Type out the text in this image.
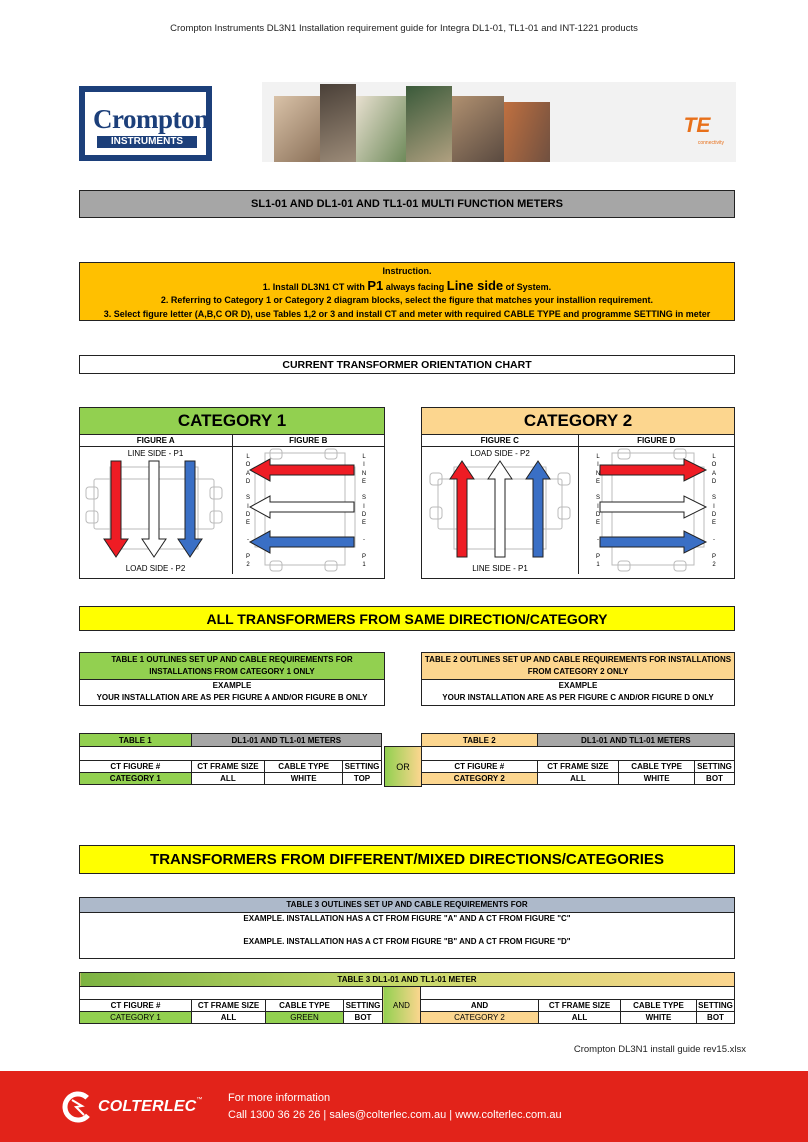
Crompton Instruments DL3N1 Installation requirement guide for Integra DL1-01, TL1-01 and INT-1221 products
Crompton
INSTRUMENTS
TE
connectivity
SL1-01 AND DL1-01 AND TL1-01 MULTI FUNCTION METERS
Instruction.
1. Install DL3N1 CT with P1 always facing Line side of System.
2. Referring to Category 1 or Category 2 diagram blocks, select the figure that matches your installion requirement.
3. Select figure letter (A,B,C OR D), use Tables 1,2 or 3 and install CT and meter with required CABLE TYPE and programme SETTING in meter
CURRENT TRANSFORMER ORIENTATION CHART
CATEGORY 1
FIGURE A	FIGURE B
LINE SIDE - P1
LOAD SIDE - P2
L
O
A
D
S
I
D
E
-
P
2
L
I
N
E
S
I
D
E
-
P
1
CATEGORY 2
FIGURE C	FIGURE D
LOAD SIDE - P2
LINE SIDE - P1
L
I
N
E
S
I
D
E
-
P
1
L
O
A
D
S
I
D
E
-
P
2
ALL TRANSFORMERS FROM SAME DIRECTION/CATEGORY
TABLE 1 OUTLINES SET UP AND CABLE REQUIREMENTS FOR INSTALLATIONS FROM CATEGORY 1 ONLY
EXAMPLE
YOUR INSTALLATION ARE AS PER FIGURE A AND/OR FIGURE B ONLY
TABLE 2 OUTLINES SET UP AND CABLE REQUIREMENTS FOR INSTALLATIONS FROM CATEGORY 2 ONLY
EXAMPLE
YOUR INSTALLATION ARE AS PER FIGURE C AND/OR FIGURE D ONLY
TABLE 1	DL1-01 AND TL1-01 METERS		

CT FIGURE #	CT FRAME SIZE	CABLE TYPE	SETTING
CATEGORY 1	ALL	WHITE	TOP
OR
TABLE 2	DL1-01 AND TL1-01 METERS		

CT FIGURE #	CT FRAME SIZE	CABLE TYPE	SETTING
CATEGORY 2	ALL	WHITE	BOT
TRANSFORMERS FROM DIFFERENT/MIXED DIRECTIONS/CATEGORIES
TABLE 3 OUTLINES SET UP AND CABLE REQUIREMENTS FOR
EXAMPLE. INSTALLATION HAS A CT FROM FIGURE "A" AND A CT FROM FIGURE "C"
EXAMPLE. INSTALLATION HAS A CT FROM FIGURE "B" AND A CT FROM FIGURE "D"
TABLE 3 DL1-01 AND TL1-01 METER								
				AND				
CT FIGURE #	CT FRAME SIZE	CABLE TYPE	SETTING		AND	CT FRAME SIZE	CABLE TYPE	SETTING
CATEGORY 1	ALL	GREEN	BOT		CATEGORY 2	ALL	WHITE	BOT
Crompton DL3N1 install guide rev15.xlsx
COLTERLEC ™ For more information
Call 1300 36 26 26 | sales@colterlec.com.au | www.colterlec.com.au
